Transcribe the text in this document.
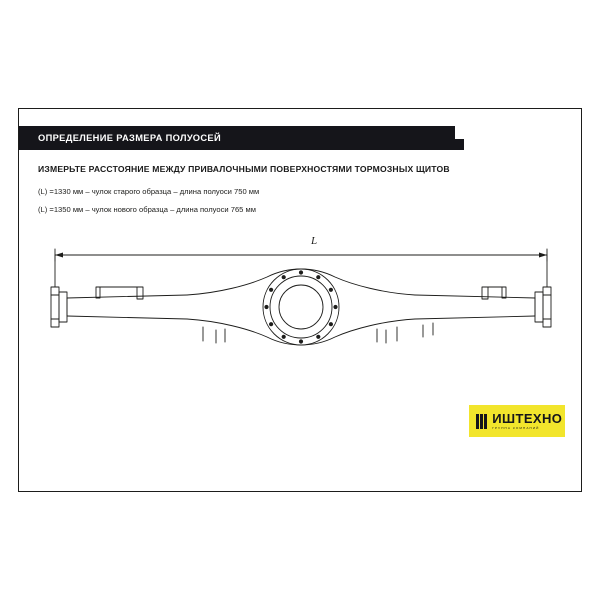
ОПРЕДЕЛЕНИЕ РАЗМЕРА ПОЛУОСЕЙ

ИЗМЕРЬТЕ РАССТОЯНИЕ МЕЖДУ ПРИВАЛОЧНЫМИ ПОВЕРХНОСТЯМИ ТОРМОЗНЫХ ЩИТОВ

(L) =1330 мм – чулок старого образца – длина полуоси 750 мм

(L) =1350 мм – чулок нового образца – длина полуоси 765 мм

L
ИШТЕХНО
ГРУППА КОМПАНИЙ
